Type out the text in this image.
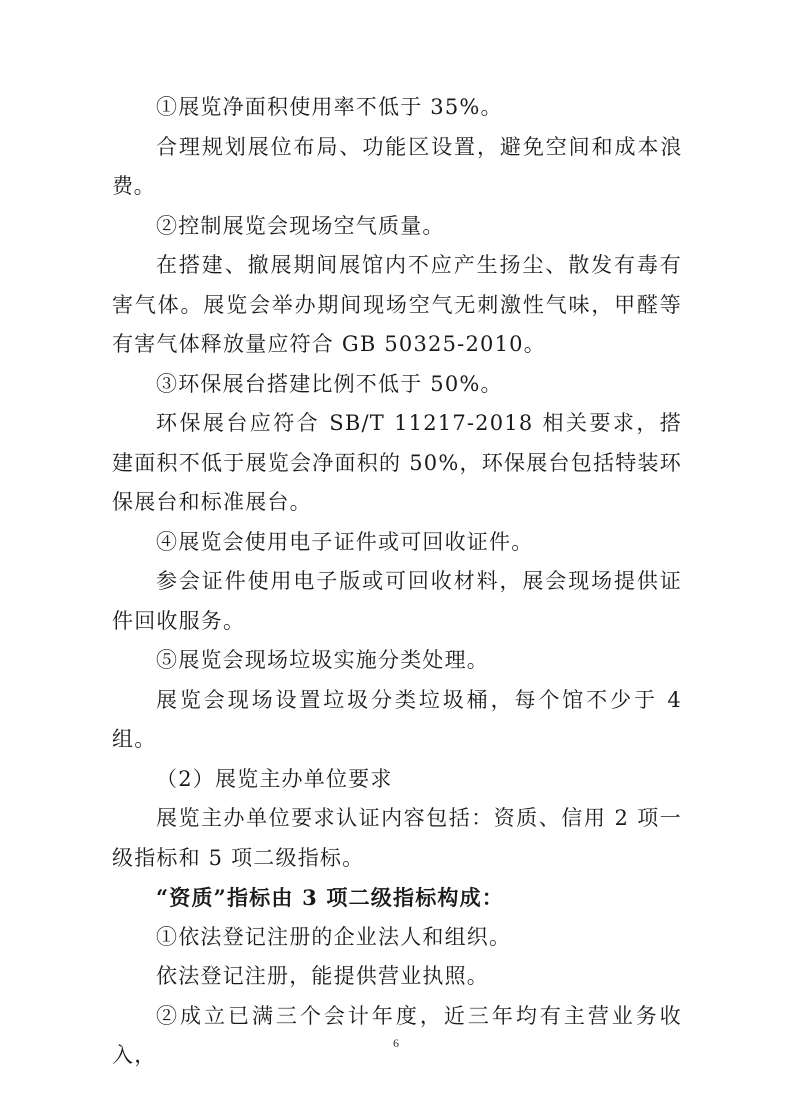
①展览净面积使用率不低于 35%。

合理规划展位布局、功能区设置，避免空间和成本浪费。

②控制展览会现场空气质量。

在搭建、撤展期间展馆内不应产生扬尘、散发有毒有害气体。展览会举办期间现场空气无刺激性气味，甲醛等有害气体释放量应符合 GB 50325-2010。

③环保展台搭建比例不低于 50%。

环保展台应符合 SB/T 11217-2018 相关要求，搭建面积不低于展览会净面积的 50%，环保展台包括特装环保展台和标准展台。

④展览会使用电子证件或可回收证件。

参会证件使用电子版或可回收材料，展会现场提供证件回收服务。

⑤展览会现场垃圾实施分类处理。

展览会现场设置垃圾分类垃圾桶，每个馆不少于 4 组。

（2）展览主办单位要求

展览主办单位要求认证内容包括：资质、信用 2 项一级指标和 5 项二级指标。

“资质”指标由 3 项二级指标构成：

①依法登记注册的企业法人和组织。

依法登记注册，能提供营业执照。

②成立已满三个会计年度，近三年均有主营业务收入，	6
